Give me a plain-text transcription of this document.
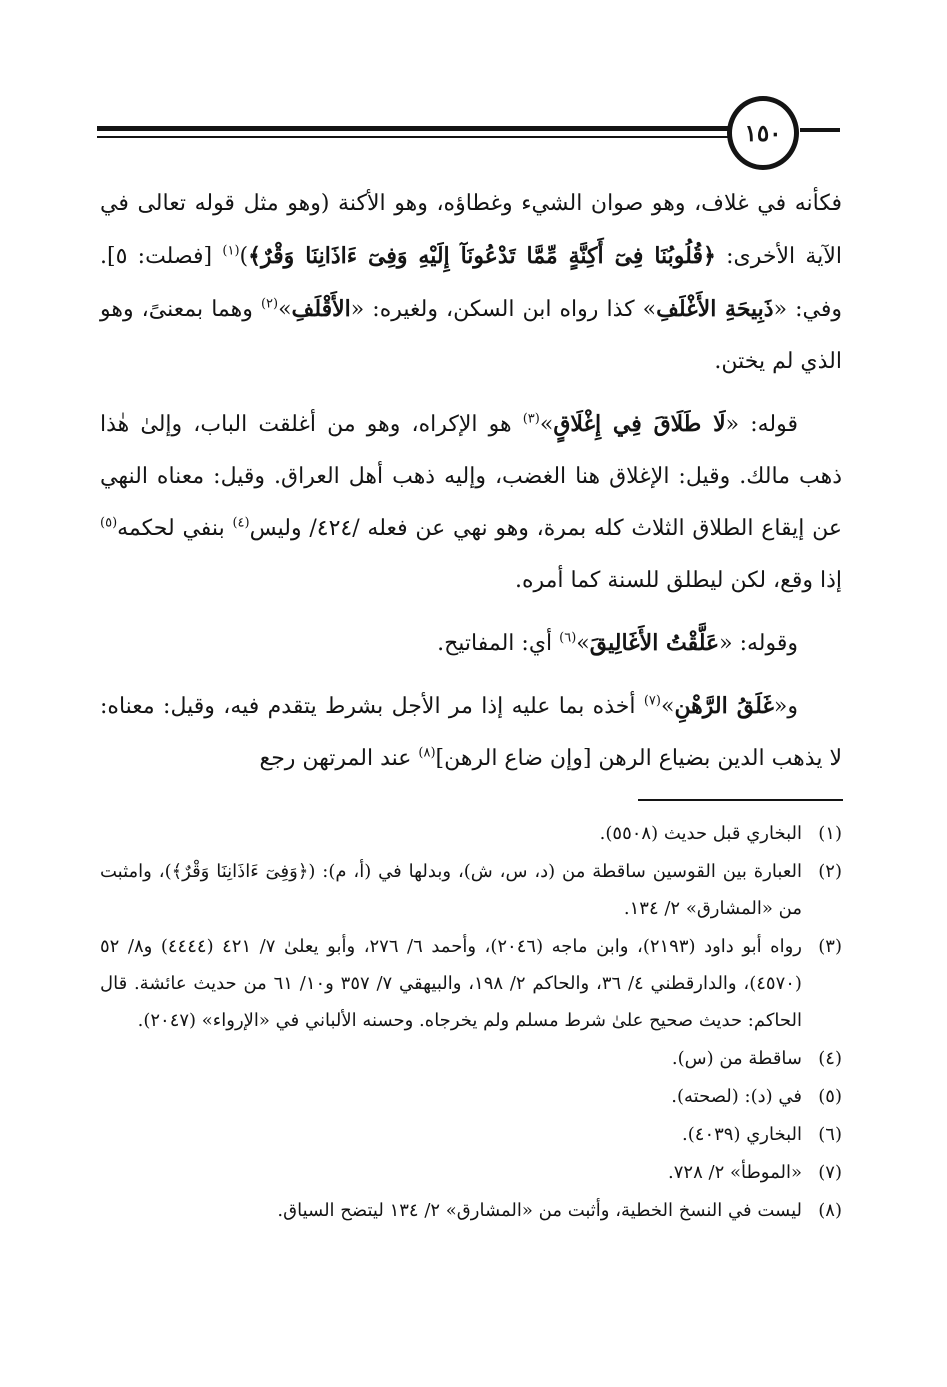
١٥٠

فكأنه في غلاف، وهو صوان الشيء وغطاؤه، وهو الأكنة (وهو مثل قوله تعالى في الآية الأخرى: ﴿قُلُوبُنَا فِىٓ أَكِنَّةٍ مِّمَّا تَدْعُونَآ إِلَيْهِ وَفِىٓ ءَاذَانِنَا وَقْرٌ﴾)$^{(١)}$ [فصلت: ٥]. وفي: «ذَبِيحَةِ الأَغْلَفِ» كذا رواه ابن السكن، ولغيره: «الأَقْلَفِ»$^{(٢)}$ وهما بمعنىً، وهو الذي لم يختن.

قوله: «لَا طَلَاقَ فِي إِغْلَاقٍ»$^{(٣)}$ هو الإكراه، وهو من أغلقت الباب، وإلىٰ هٰذا ذهب مالك. وقيل: الإغلاق هنا الغضب، وإليه ذهب أهل العراق. وقيل: معناه النهي عن إيقاع الطلاق الثلاث كله بمرة، وهو نهي عن فعله /٤٢٤/ وليس$^{(٤)}$ بنفي لحكمه$^{(٥)}$ إذا وقع، لكن ليطلق للسنة كما أمره.

وقوله: «عَلَّقْتُ الأَغَالِيقَ»$^{(٦)}$ أي: المفاتيح.

و«غَلَقُ الرَّهْنِ»$^{(٧)}$ أخذه بما عليه إذا مر الأجل بشرط يتقدم فيه، وقيل: معناه: لا يذهب الدين بضياع الرهن [وإن ضاع الرهن]$^{(٨)}$ عند المرتهن رجع

(١)
البخاري قبل حديث (٥٥٠٨).
(٢)
العبارة بين القوسين ساقطة من (د، س، ش)، وبدلها في (أ، م): (﴿وَفِىٓ ءَاذَانِنَا وَقْرٌ﴾)، وامثبت من «المشارق» ٢/ ١٣٤.
(٣)
رواه أبو داود (٢١٩٣)، وابن ماجه (٢٠٤٦)، وأحمد ٦/ ٢٧٦، وأبو يعلىٰ ٧/ ٤٢١ (٤٤٤٤) و٨/ ٥٢ (٤٥٧٠)، والدارقطني ٤/ ٣٦، والحاكم ٢/ ١٩٨، والبيهقي ٧/ ٣٥٧ و١٠/ ٦١ من حديث عائشة. قال الحاكم: حديث صحيح علىٰ شرط مسلم ولم يخرجاه. وحسنه الألباني في «الإرواء» (٢٠٤٧).
(٤)
ساقطة من (س).
(٥)
في (د): (لصحته).
(٦)
البخاري (٤٠٣٩).
(٧)
«الموطأ» ٢/ ٧٢٨.
(٨)
ليست في النسخ الخطية، وأثبت من «المشارق» ٢/ ١٣٤ ليتضح السياق.
